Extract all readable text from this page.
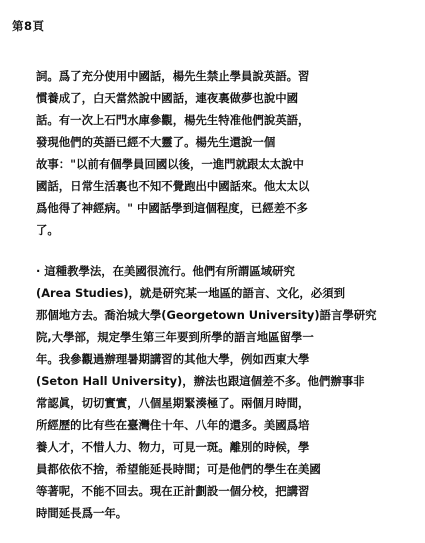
第8頁
詞。爲了充分使用中國話，楊先生禁止學員說英語。習
慣養成了，白天當然說中國話，連夜裏做夢也說中國
話。有一次上石門水庫參觀，楊先生特准他們說英語，
發現他們的英語已經不大靈了。楊先生還說一個
故事："以前有個學員回國以後，一進門就跟太太說中
國話，日常生活裏也不知不覺跑出中國話來。他太太以
爲他得了神經病。" 中國話學到這個程度，已經差不多
了。
· 這種教學法，在美國很流行。他們有所謂區域研究
(Area Studies)，就是研究某一地區的語言、文化，必須到
那個地方去。喬治城大學(Georgetown University)語言學研究
院,大學部，規定學生第三年要到所學的語言地區留學一
年。我參觀過辦理暑期講習的其他大學，例如西東大學
(Seton Hall University)，辦法也跟這個差不多。他們辦事非
常認眞，切切實實，八個星期緊湊極了。兩個月時間，
所經歷的比有些在臺灣住十年、八年的還多。美國爲培
養人才，不惜人力、物力，可見一斑。離別的時候，學
員都依依不捨，希望能延長時間；可是他們的學生在美國
等著呢，不能不回去。現在正計劃設一個分校，把講習
時間延長爲一年。
